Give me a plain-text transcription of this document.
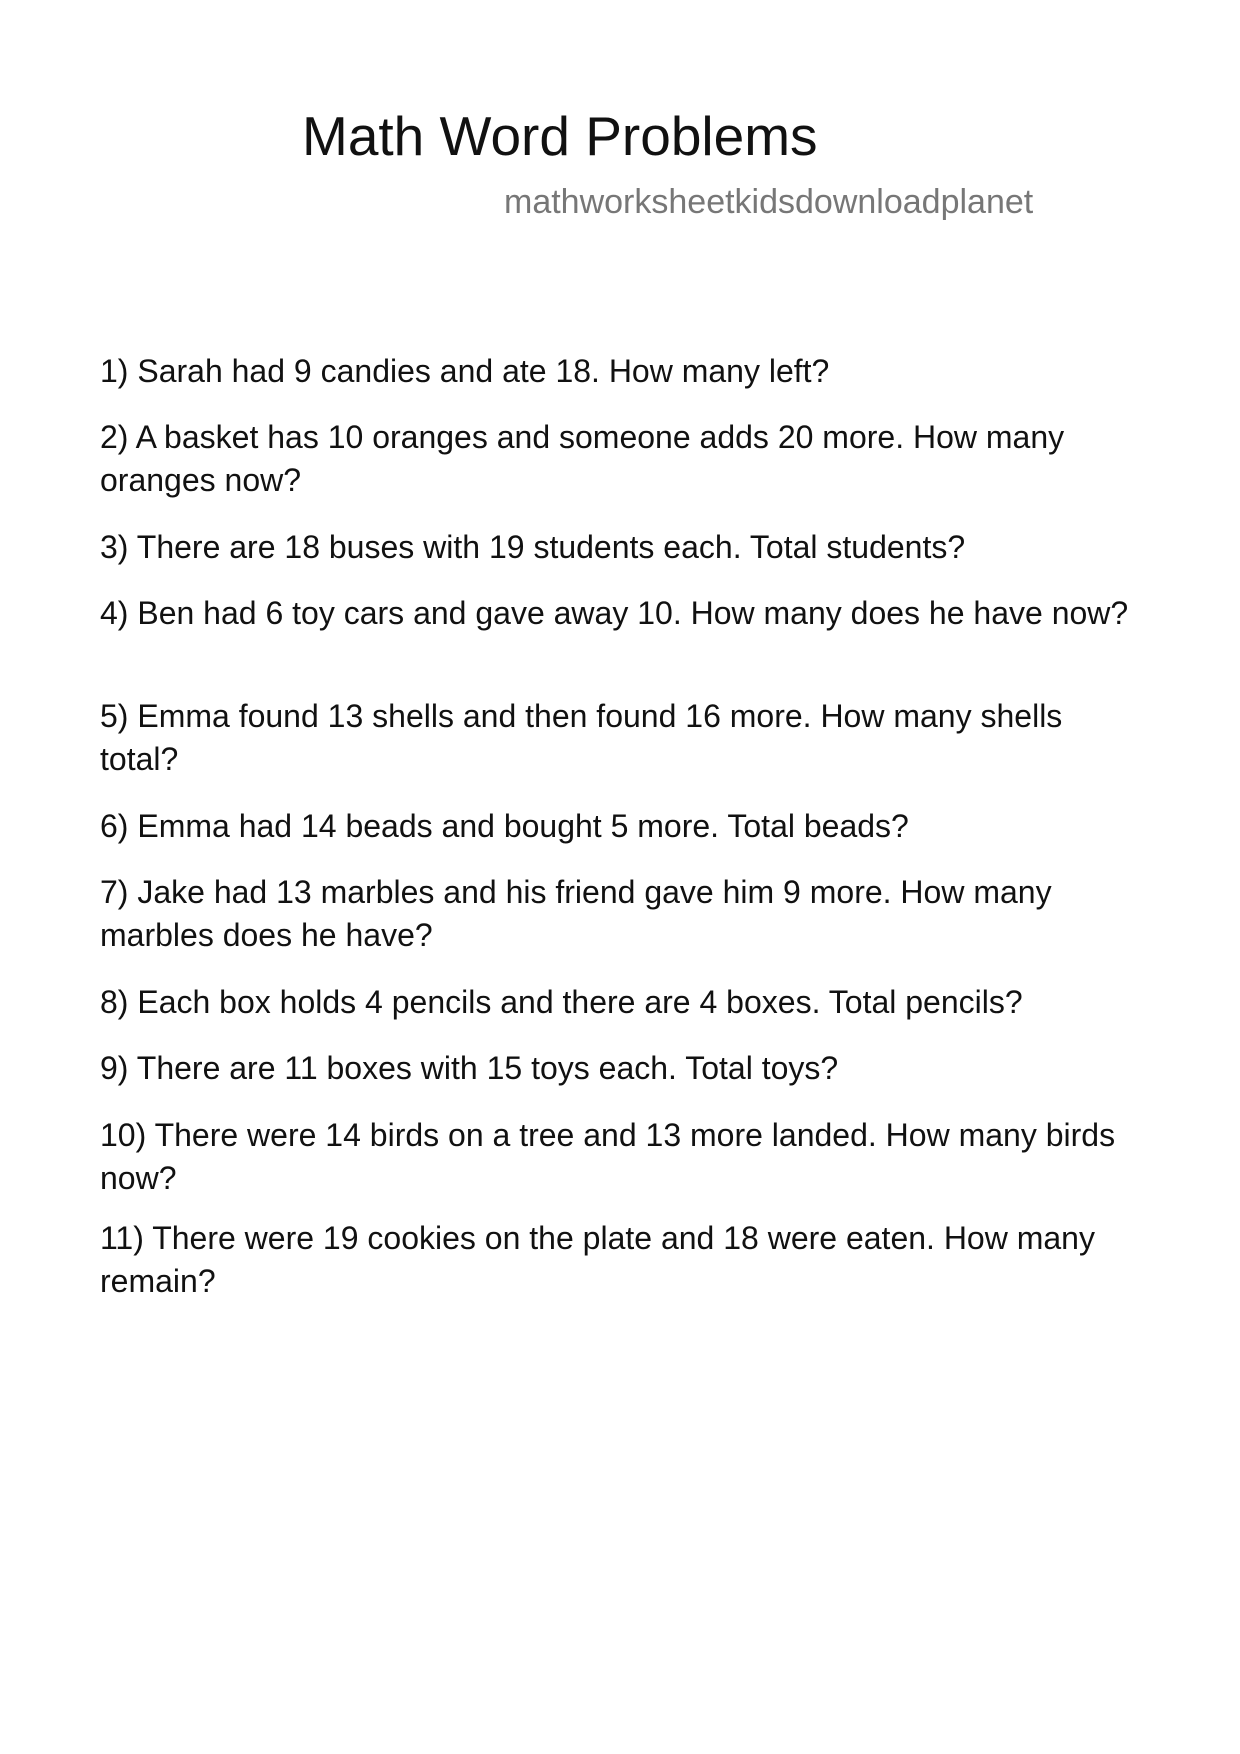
Math Word Problems
mathworksheetkidsdownloadplanet
1) Sarah had 9 candies and ate 18. How many left?
2) A basket has 10 oranges and someone adds 20 more. How many oranges now?
3) There are 18 buses with 19 students each. Total students?
4) Ben had 6 toy cars and gave away 10. How many does he have now?
5) Emma found 13 shells and then found 16 more. How many shells total?
6) Emma had 14 beads and bought 5 more. Total beads?
7) Jake had 13 marbles and his friend gave him 9 more. How many marbles does he have?
8) Each box holds 4 pencils and there are 4 boxes. Total pencils?
9) There are 11 boxes with 15 toys each. Total toys?
10) There were 14 birds on a tree and 13 more landed. How many birds now?
11) There were 19 cookies on the plate and 18 were eaten. How many remain?
